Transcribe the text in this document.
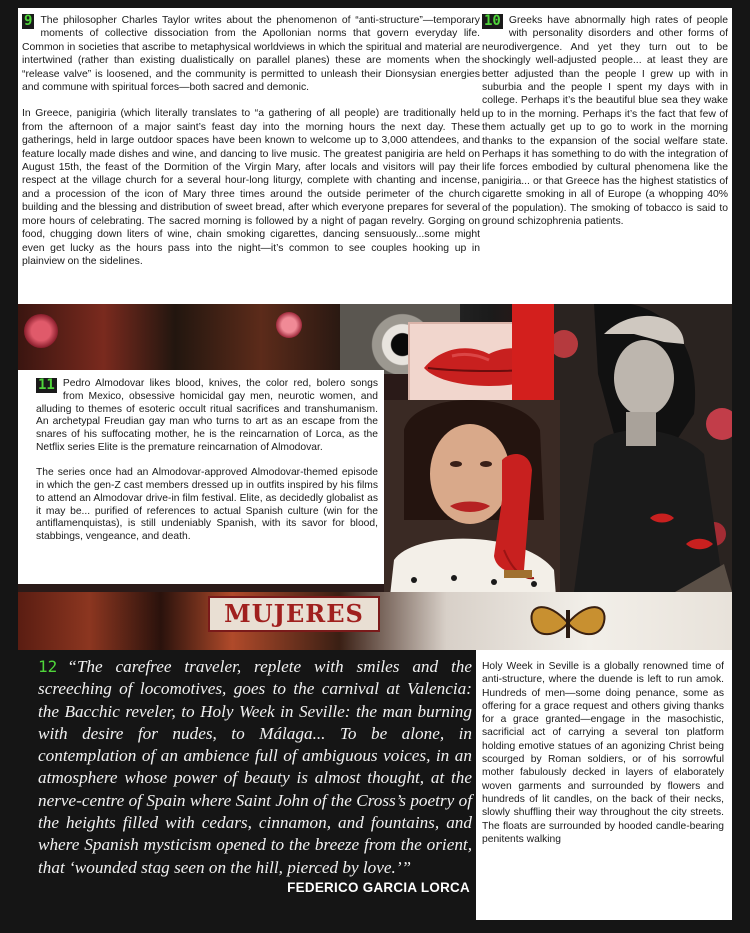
9 The philosopher Charles Taylor writes about the phenomenon of “anti-structure”—temporary moments of collective dissociation from the Apollonian norms that govern everyday life. Common in societies that ascribe to metaphysical worldviews in which the spiritual and material are intertwined (rather than existing dualistically on parallel planes) these are moments when the “release valve” is loosened, and the community is permitted to unleash their Dionsysian energies and commune with spiritual forces—both sacred and demonic.

In Greece, panigiria (which literally translates to “a gathering of all people) are traditionally held from the afternoon of a major saint’s feast day into the morning hours the next day. These gatherings, held in large outdoor spaces have been known to welcome up to 3,000 attendees, and feature locally made dishes and wine, and dancing to live music. The greatest panigiria are held on August 15th, the feast of the Dormition of the Virgin Mary, after locals and visitors will pay their respect at the village church for a several hour-long liturgy, complete with chanting and incense, and a procession of the icon of Mary three times around the outside perimeter of the church building and the blessing and distribution of sweet bread, after which everyone prepares for several more hours of celebrating. The sacred morning is followed by a night of pagan revelry. Gorging on food, chugging down liters of wine, chain smoking cigarettes, dancing sensuously...some might even get lucky as the hours pass into the night—it’s common to see couples hooking up in plainview on the sidelines.

10 Greeks have abnormally high rates of people with personality disorders and other forms of neurodivergence. And yet they turn out to be shockingly well-adjusted people... at least they are better adjusted than the people I grew up with in suburbia and the people I spent my days with in college. Perhaps it’s the beautiful blue sea they wake up to in the morning. Perhaps it’s the fact that few of them actually get up to go to work in the morning thanks to the expansion of the social welfare state. Perhaps it has something to do with the integration of life forces embodied by cultural phenomena like the panigiria... or that Greece has the highest statistics of cigarette smoking in all of Europe (a whopping 40% of the population). The smoking of tobacco is said to ground schizophrenia patients.

11 Pedro Almodovar likes blood, knives, the color red, bolero songs from Mexico, obsessive homicidal gay men, neurotic women, and alluding to themes of esoteric occult ritual sacrifices and transhumanism. An archetypal Freudian gay man who turns to art as an escape from the snares of his suffocating mother, he is the reincarnation of Lorca, as the Netflix series Elite is the premature reincarnation of Almodovar.

The series once had an Almodovar-approved Almodovar-themed episode in which the gen-Z cast members dressed up in outfits inspired by his films to attend an Almodovar drive-in film festival. Elite, as decidedly globalist as it may be... purified of references to actual Spanish culture (win for the antiflamenquistas), is still undeniably Spanish, with its savor for blood, stabbings, vengeance, and death.

MUJERES
12 “The carefree traveler, replete with smiles and the screeching of locomotives, goes to the carnival at Valencia: the Bacchic reveler, to Holy Week in Seville: the man burning with desire for nudes, to Málaga... To be alone, in contemplation of an ambience full of ambiguous voices, in an atmosphere whose power of beauty is almost thought, at the nerve-centre of Spain where Saint John of the Cross’s poetry of the heights filled with cedars, cinnamon, and fountains, and where Spanish mysticism opened to the breeze from the orient, that ‘wounded stag seen on the hill, pierced by love.’”
FEDERICO GARCIA LORCA
Holy Week in Seville is a globally renowned time of anti-structure, where the duende is left to run amok. Hundreds of men—some doing penance, some as offering for a grace request and others giving thanks for a grace granted—engage in the masochistic, sacrificial act of carrying a several ton platform holding emotive statues of an agonizing Christ being scourged by Roman soldiers, or of his sorrowful mother fabulously decked in layers of elaborately woven garments and surrounded by flowers and hundreds of lit candles, on the back of their necks, slowly shuffling their way throughout the city streets. The floats are surrounded by hooded candle-bearing penitents walking
